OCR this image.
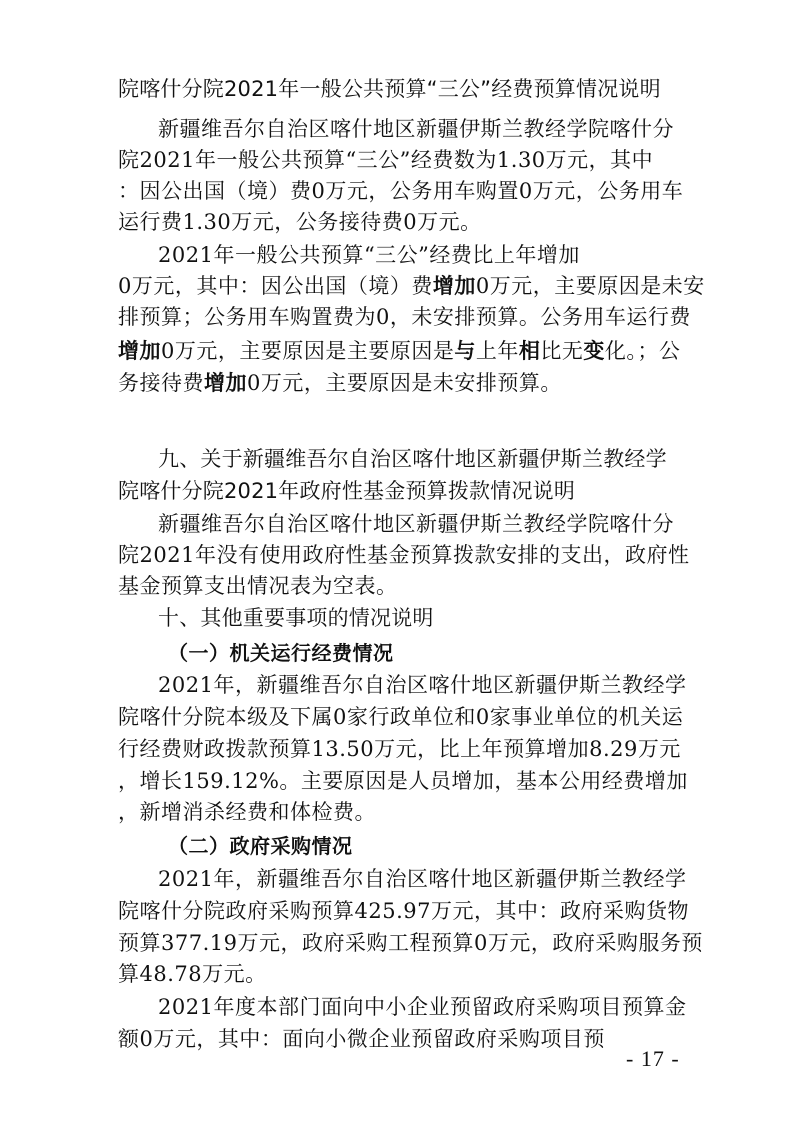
院喀什分院2021年一般公共预算“三公”经费预算情况说明
新疆维吾尔自治区喀什地区新疆伊斯兰教经学院喀什分
院2021年一般公共预算“三公”经费数为1.30万元，其中
：因公出国（境）费0万元，公务用车购置0万元，公务用车
运行费1.30万元，公务接待费0万元。
2021年一般公共预算“三公”经费比上年增加
0万元，其中：因公出国（境）费增加0万元，主要原因是未安
排预算；公务用车购置费为0，未安排预算。公务用车运行费
增加0万元，主要原因是主要原因是与上年相比无变化。；公
务接待费增加0万元，主要原因是未安排预算。
九、关于新疆维吾尔自治区喀什地区新疆伊斯兰教经学
院喀什分院2021年政府性基金预算拨款情况说明
新疆维吾尔自治区喀什地区新疆伊斯兰教经学院喀什分
院2021年没有使用政府性基金预算拨款安排的支出，政府性
基金预算支出情况表为空表。
十、其他重要事项的情况说明
（一）机关运行经费情况
2021年，新疆维吾尔自治区喀什地区新疆伊斯兰教经学
院喀什分院本级及下属0家行政单位和0家事业单位的机关运
行经费财政拨款预算13.50万元，比上年预算增加8.29万元
，增长159.12%。主要原因是人员增加，基本公用经费增加
，新增消杀经费和体检费。
（二）政府采购情况
2021年，新疆维吾尔自治区喀什地区新疆伊斯兰教经学
院喀什分院政府采购预算425.97万元，其中：政府采购货物
预算377.19万元，政府采购工程预算0万元，政府采购服务预
算48.78万元。
2021年度本部门面向中小企业预留政府采购项目预算金
额0万元，其中：面向小微企业预留政府采购项目预
- 17 -
